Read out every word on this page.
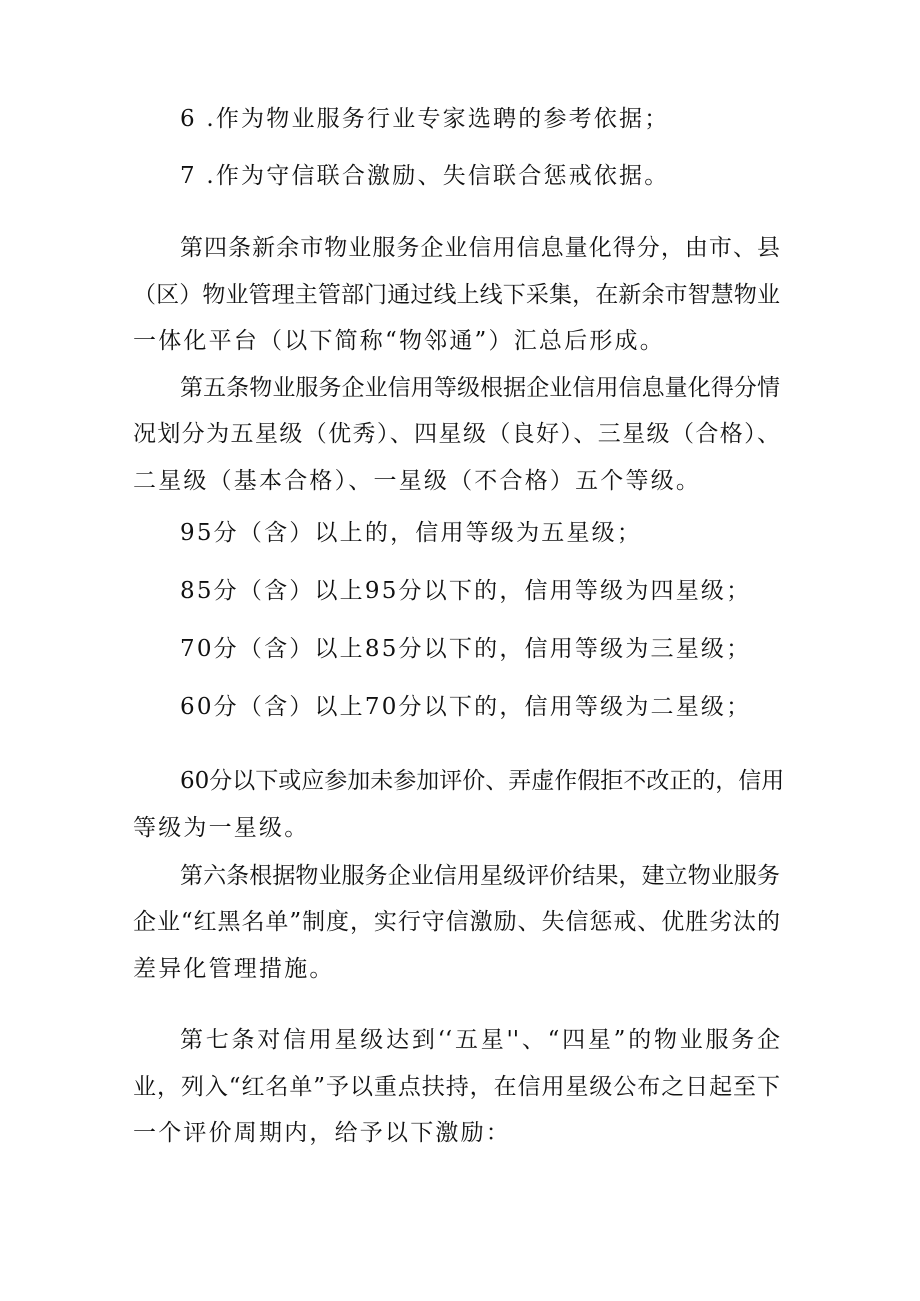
6 .作为物业服务行业专家选聘的参考依据；
7 .作为守信联合激励、失信联合惩戒依据。
第四条新余市物业服务企业信用信息量化得分，由市、县
（区）物业管理主管部门通过线上线下采集，在新余市智慧物业
一体化平台（以下简称“物邻通”）汇总后形成。
第五条物业服务企业信用等级根据企业信用信息量化得分情
况划分为五星级（优秀）、四星级（良好）、三星级（合格）、
二星级（基本合格）、一星级（不合格）五个等级。
95分（含）以上的，信用等级为五星级；
85分（含）以上95分以下的，信用等级为四星级；
70分（含）以上85分以下的，信用等级为三星级；
60分（含）以上70分以下的，信用等级为二星级；
60分以下或应参加未参加评价、弄虚作假拒不改正的，信用
等级为一星级。
第六条根据物业服务企业信用星级评价结果，建立物业服务
企业“红黑名单”制度，实行守信激励、失信惩戒、优胜劣汰的
差异化管理措施。
第七条对信用星级达到‘‘五星''、“四星”的物业服务企
业，列入“红名单”予以重点扶持，在信用星级公布之日起至下
一个评价周期内，给予以下激励：
